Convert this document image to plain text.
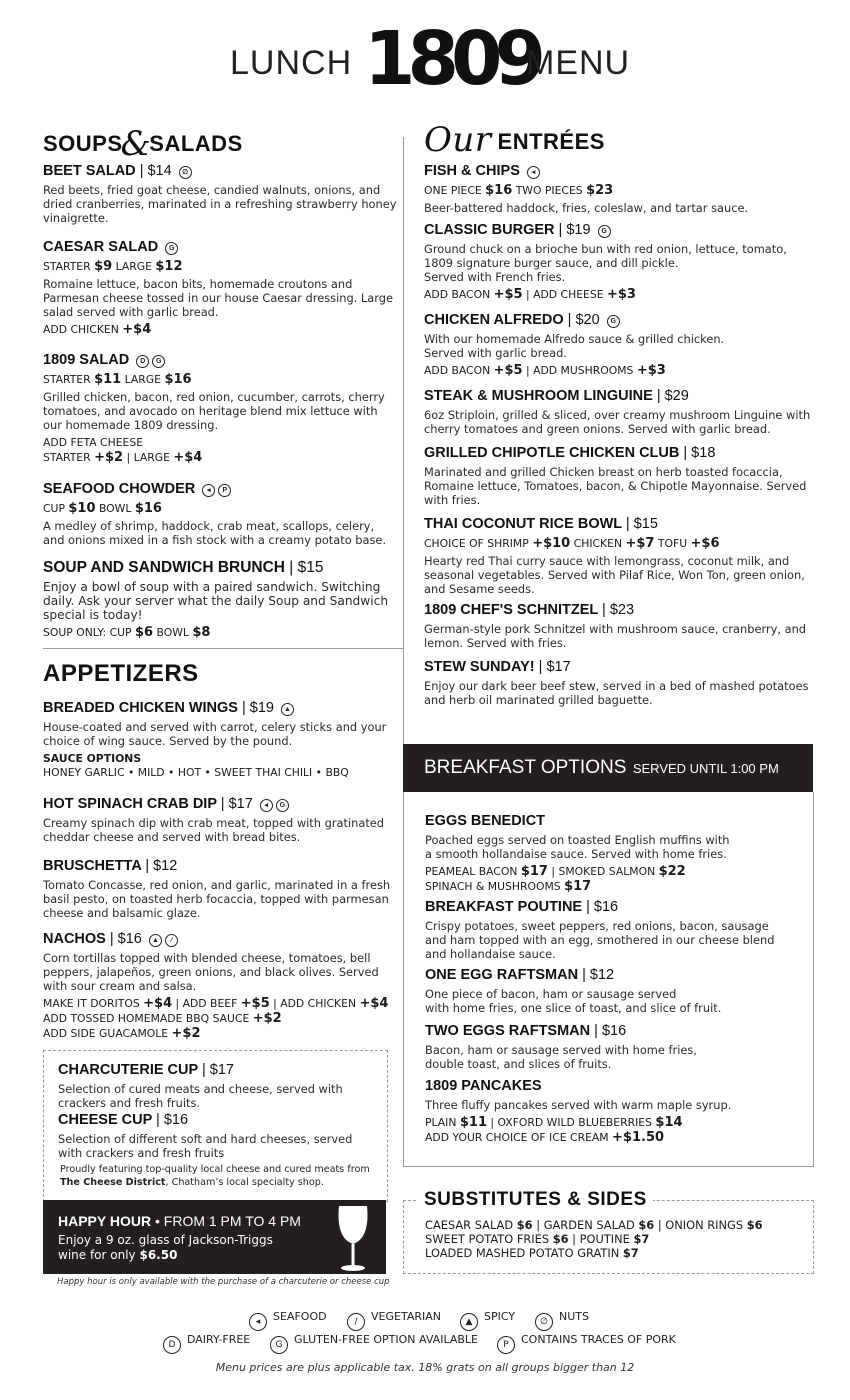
LUNCH 1809
MENU
SOUPS&SALADS	Our ENTRÉES
BEET SALAD | $14 ∅
Red beets, fried goat cheese, candied walnuts, onions, and dried cranberries, marinated in a refreshing strawberry honey vinaigrette.
CAESAR SALAD G
STARTER $9 LARGE $12
Romaine lettuce, bacon bits, homemade croutons and Parmesan cheese tossed in our house Caesar dressing. Large salad served with garlic bread.
ADD CHICKEN +$4
1809 SALAD D G
STARTER $11 LARGE $16
Grilled chicken, bacon, red onion, cucumber, carrots, cherry tomatoes, and avocado on heritage blend mix lettuce with our homemade 1809 dressing.
ADD FETA CHEESE
STARTER +$2 | LARGE +$4
SEAFOOD CHOWDER ◂ P
CUP $10 BOWL $16
A medley of shrimp, haddock, crab meat, scallops, celery, and onions mixed in a fish stock with a creamy potato base.
SOUP AND SANDWICH BRUNCH | $15
Enjoy a bowl of soup with a paired sandwich. Switching daily. Ask your server what the daily Soup and Sandwich special is today!
SOUP ONLY: CUP $6 BOWL $8
APPETIZERS
BREADED CHICKEN WINGS | $19 ▲
House-coated and served with carrot, celery sticks and your choice of wing sauce. Served by the pound.
SAUCE OPTIONS
HONEY GARLIC • MILD • HOT • SWEET THAI CHILI • BBQ
HOT SPINACH CRAB DIP | $17 ◂ G
Creamy spinach dip with crab meat, topped with gratinated cheddar cheese and served with bread bites.
BRUSCHETTA | $12
Tomato Concasse, red onion, and garlic, marinated in a fresh basil pesto, on toasted herb focaccia, topped with parmesan cheese and balsamic glaze.
NACHOS | $16 ▲ ∕
Corn tortillas topped with blended cheese, tomatoes, bell peppers, jalapeños, green onions, and black olives. Served with sour cream and salsa.
MAKE IT DORITOS +$4 | ADD BEEF +$5 | ADD CHICKEN +$4
ADD TOSSED HOMEMADE BBQ SAUCE +$2
ADD SIDE GUACAMOLE +$2
CHARCUTERIE CUP | $17
Selection of cured meats and cheese, served with crackers and fresh fruits.
CHEESE CUP | $16
Selection of different soft and hard cheeses, served with crackers and fresh fruits
Proudly featuring top-quality local cheese and cured meats from
The Cheese District, Chatham’s local specialty shop.
HAPPY HOUR • FROM 1 PM TO 4 PM
Enjoy a 9 oz. glass of Jackson-Triggs
wine for only $6.50
Happy hour is only available with the purchase of a charcuterie or cheese cup
FISH & CHIPS ◂
ONE PIECE $16 TWO PIECES $23
Beer-battered haddock, fries, coleslaw, and tartar sauce.
CLASSIC BURGER | $19 G
Ground chuck on a brioche bun with red onion, lettuce, tomato, 1809 signature burger sauce, and dill pickle.
Served with French fries.
ADD BACON +$5 | ADD CHEESE +$3
CHICKEN ALFREDO | $20 G
With our homemade Alfredo sauce & grilled chicken.
Served with garlic bread.
ADD BACON +$5 | ADD MUSHROOMS +$3
STEAK & MUSHROOM LINGUINE | $29
6oz Striploin, grilled & sliced, over creamy mushroom Linguine with cherry tomatoes and green onions. Served with garlic bread.
GRILLED CHIPOTLE CHICKEN CLUB | $18
Marinated and grilled Chicken breast on herb toasted focaccia, Romaine lettuce, Tomatoes, bacon, & Chipotle Mayonnaise. Served with fries.
THAI COCONUT RICE BOWL | $15
CHOICE OF SHRIMP +$10 CHICKEN +$7 TOFU +$6
Hearty red Thai curry sauce with lemongrass, coconut milk, and seasonal vegetables. Served with Pilaf Rice, Won Ton, green onion, and Sesame seeds.
1809 CHEF'S SCHNITZEL | $23
German-style pork Schnitzel with mushroom sauce, cranberry, and lemon. Served with fries.
STEW SUNDAY! | $17
Enjoy our dark beer beef stew, served in a bed of mashed potatoes and herb oil marinated grilled baguette.
BREAKFAST OPTIONS SERVED UNTIL 1:00 PM
EGGS BENEDICT
Poached eggs served on toasted English muffins with a smooth hollandaise sauce. Served with home fries.
PEAMEAL BACON $17 | SMOKED SALMON $22
SPINACH & MUSHROOMS $17
BREAKFAST POUTINE | $16
Crispy potatoes, sweet peppers, red onions, bacon, sausage and ham topped with an egg, smothered in our cheese blend and hollandaise sauce.
ONE EGG RAFTSMAN | $12
One piece of bacon, ham or sausage served
with home fries, one slice of toast, and slice of fruit.
TWO EGGS RAFTSMAN | $16
Bacon, ham or sausage served with home fries,
double toast, and slices of fruits.
1809 PANCAKES
Three fluffy pancakes served with warm maple syrup.
PLAIN $11 | OXFORD WILD BLUEBERRIES $14
ADD YOUR CHOICE OF ICE CREAM +$1.50
SUBSTITUTES & SIDES
CAESAR SALAD $6 | GARDEN SALAD $6 | ONION RINGS $6
SWEET POTATO FRIES $6 | POUTINE $7
LOADED MASHED POTATO GRATIN $7
◂ SEAFOOD	∕ VEGETARIAN	▲ SPICY	∅ NUTS
D DAIRY-FREE	G GLUTEN-FREE OPTION AVAILABLE	P CONTAINS TRACES OF PORK
Menu prices are plus applicable tax. 18% grats on all groups bigger than 12
